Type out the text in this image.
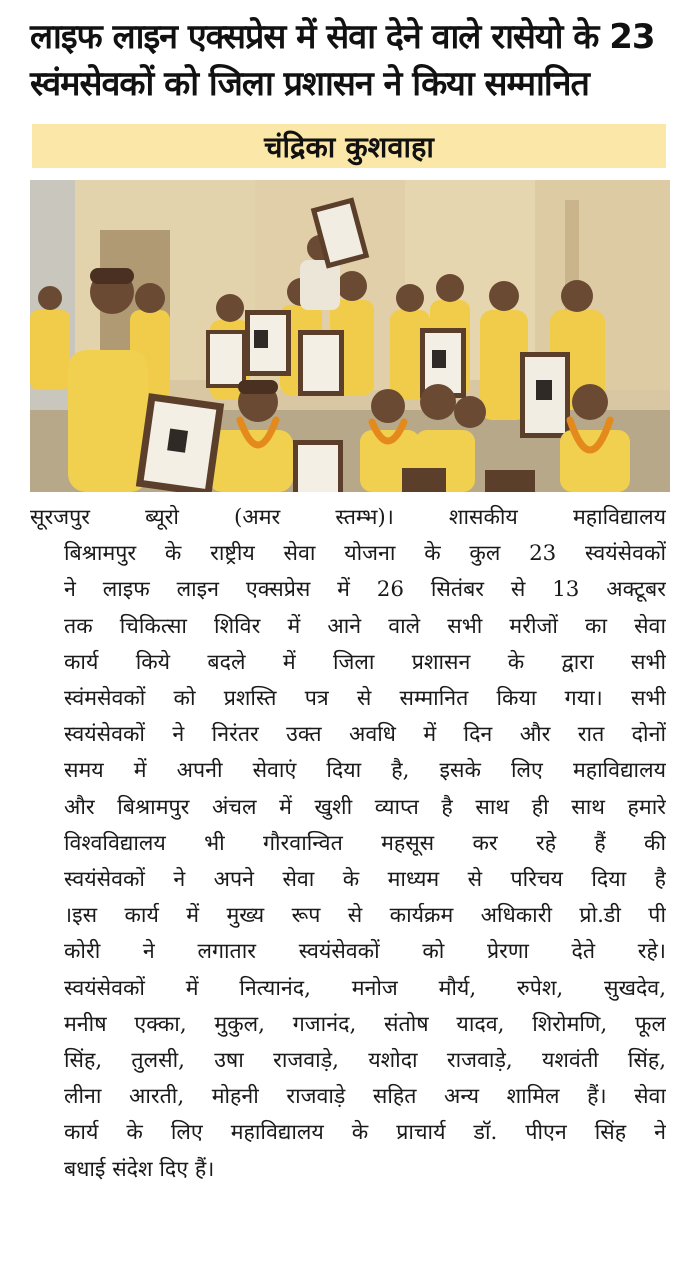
लाइफ लाइन एक्सप्रेस में सेवा देने वाले रासेयो के 23
स्वंमसेवकों को जिला प्रशासन ने किया सम्मानित
चंद्रिका कुशवाहा
सूरजपुर ब्यूरो (अमर स्तम्भ)। शासकीय महाविद्यालय
बिश्रामपुर के राष्ट्रीय सेवा योजना के कुल 23 स्वयंसेवकों
ने लाइफ लाइन एक्सप्रेस में 26 सितंबर से 13 अक्टूबर
तक चिकित्सा शिविर में आने वाले सभी मरीजों का सेवा
कार्य किये बदले में जिला प्रशासन के द्वारा सभी
स्वंमसेवकों को प्रशस्ति पत्र से सम्मानित किया गया। सभी
स्वयंसेवकों ने निरंतर उक्त अवधि में दिन और रात दोनों
समय में अपनी सेवाएं दिया है, इसके लिए महाविद्यालय
और बिश्रामपुर अंचल में खुशी व्याप्त है साथ ही साथ हमारे
विश्वविद्यालय भी गौरवान्वित महसूस कर रहे हैं की
स्वयंसेवकों ने अपने सेवा के माध्यम से परिचय दिया है
।इस कार्य में मुख्य रूप से कार्यक्रम अधिकारी प्रो.डी पी
कोरी ने लगातार स्वयंसेवकों को प्रेरणा देते रहे।
स्वयंसेवकों में नित्यानंद, मनोज मौर्य, रुपेश, सुखदेव,
मनीष एक्का, मुकुल, गजानंद, संतोष यादव, शिरोमणि, फूल
सिंह, तुलसी, उषा राजवाड़े, यशोदा राजवाड़े, यशवंती सिंह,
लीना आरती, मोहनी राजवाड़े सहित अन्य शामिल हैं। सेवा
कार्य के लिए महाविद्यालय के प्राचार्य डॉ. पीएन सिंह ने
बधाई संदेश दिए हैं।
